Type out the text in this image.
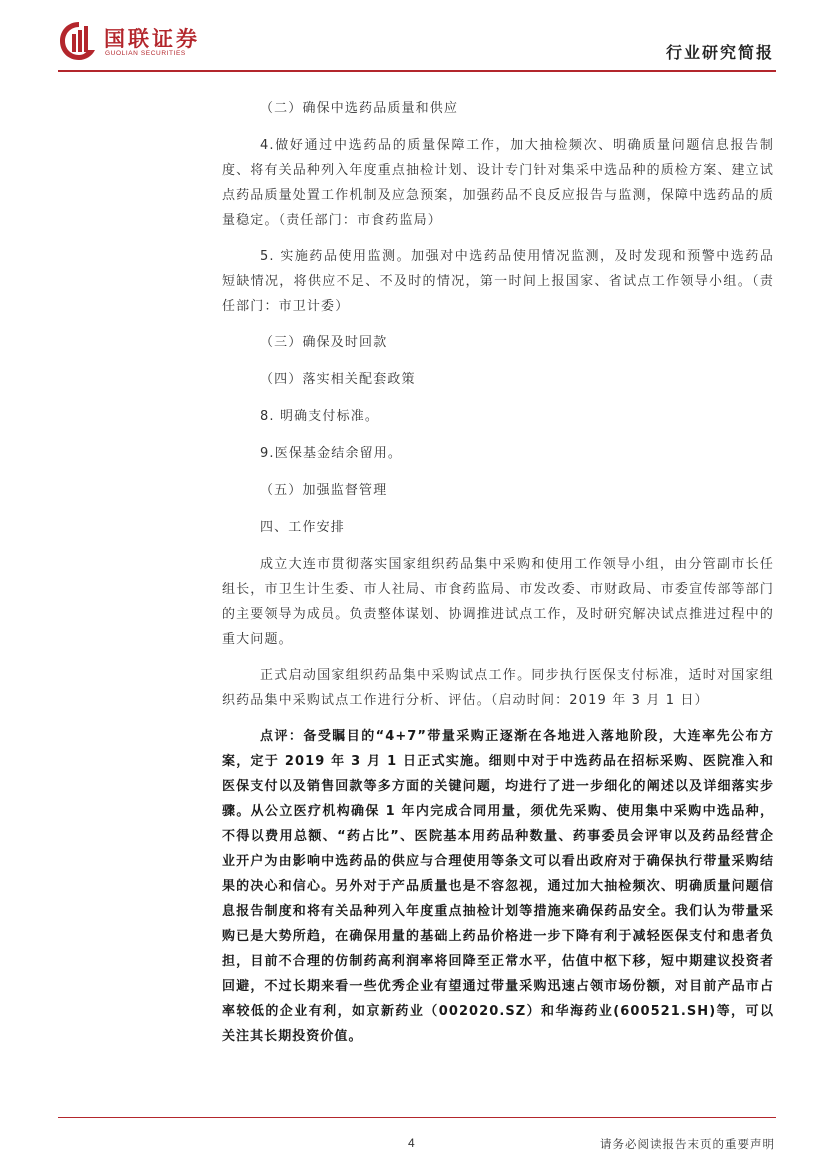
国联证券
GUOLIAN SECURITIES	行业研究简报

（二）确保中选药品质量和供应

4.做好通过中选药品的质量保障工作，加大抽检频次、明确质量问题信息报告制度、将有关品种列入年度重点抽检计划、设计专门针对集采中选品种的质检方案、建立试点药品质量处置工作机制及应急预案，加强药品不良反应报告与监测，保障中选药品的质量稳定。（责任部门：市食药监局）

5. 实施药品使用监测。加强对中选药品使用情况监测，及时发现和预警中选药品短缺情况，将供应不足、不及时的情况，第一时间上报国家、省试点工作领导小组。（责任部门：市卫计委）

（三）确保及时回款

（四）落实相关配套政策

8. 明确支付标准。

9.医保基金结余留用。

（五）加强监督管理

四、工作安排

成立大连市贯彻落实国家组织药品集中采购和使用工作领导小组，由分管副市长任组长，市卫生计生委、市人社局、市食药监局、市发改委、市财政局、市委宣传部等部门的主要领导为成员。负责整体谋划、协调推进试点工作，及时研究解决试点推进过程中的重大问题。

正式启动国家组织药品集中采购试点工作。同步执行医保支付标准，适时对国家组织药品集中采购试点工作进行分析、评估。（启动时间：2019 年 3 月 1 日）

点评：备受瞩目的“4+7”带量采购正逐渐在各地进入落地阶段，大连率先公布方案，定于 2019 年 3 月 1 日正式实施。细则中对于中选药品在招标采购、医院准入和医保支付以及销售回款等多方面的关键问题，均进行了进一步细化的阐述以及详细落实步骤。从公立医疗机构确保 1 年内完成合同用量，须优先采购、使用集中采购中选品种，不得以费用总额、“药占比”、医院基本用药品种数量、药事委员会评审以及药品经营企业开户为由影响中选药品的供应与合理使用等条文可以看出政府对于确保执行带量采购结果的决心和信心。另外对于产品质量也是不容忽视，通过加大抽检频次、明确质量问题信息报告制度和将有关品种列入年度重点抽检计划等措施来确保药品安全。我们认为带量采购已是大势所趋，在确保用量的基础上药品价格进一步下降有利于减轻医保支付和患者负担，目前不合理的仿制药高利润率将回降至正常水平，估值中枢下移，短中期建议投资者回避，不过长期来看一些优秀企业有望通过带量采购迅速占领市场份额，对目前产品市占率较低的企业有利，如京新药业（002020.SZ）和华海药业(600521.SH)等，可以关注其长期投资价值。

4	请务必阅读报告末页的重要声明
